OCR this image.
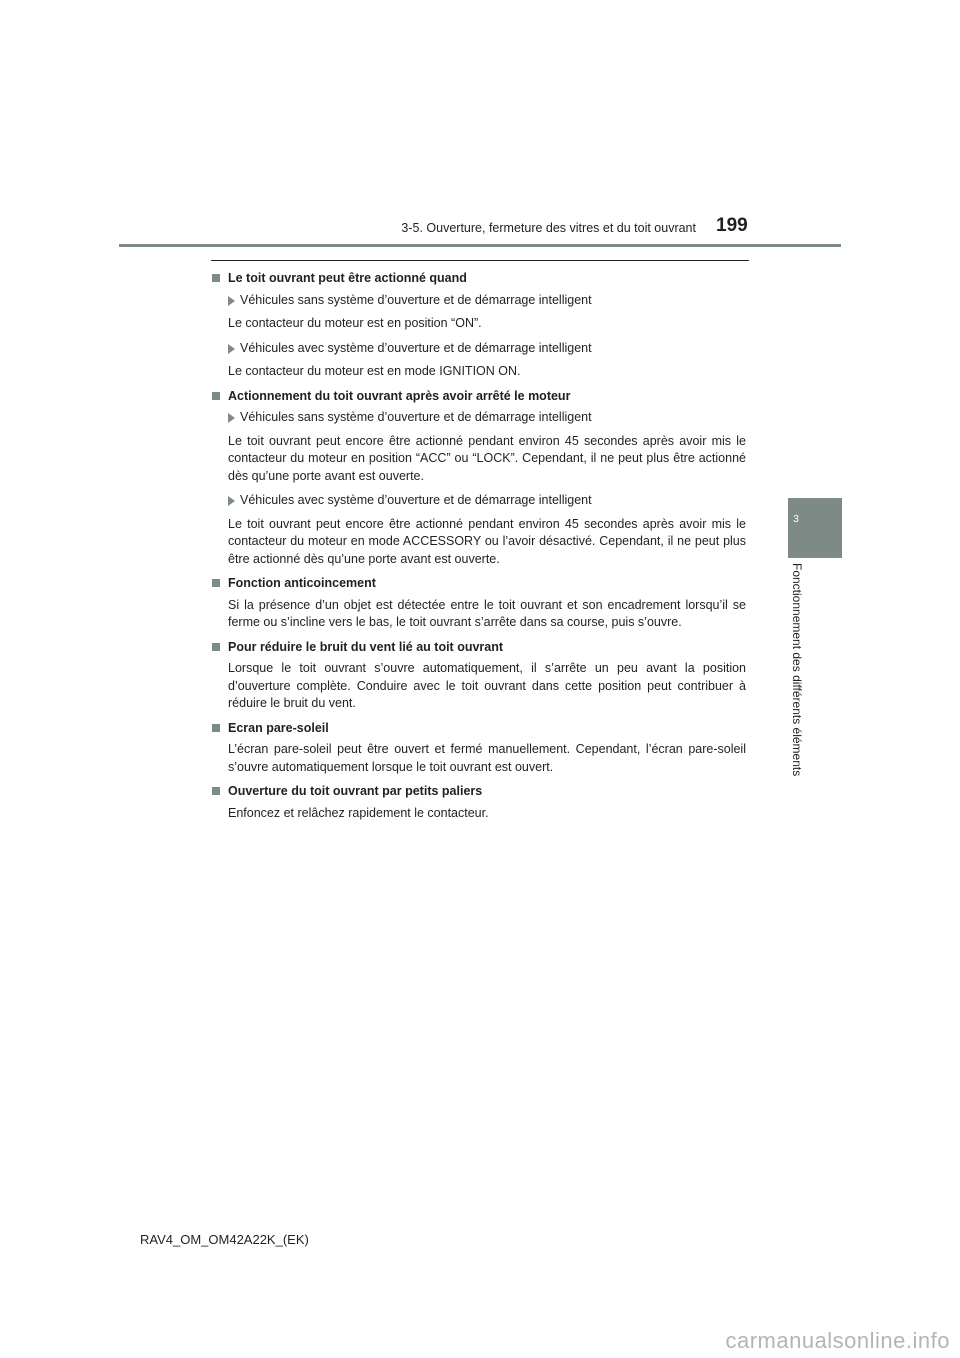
3-5. Ouverture, fermeture des vitres et du toit ouvrant 199
3
Fonctionnement des différents éléments
Le toit ouvrant peut être actionné quand
Véhicules sans système d’ouverture et de démarrage intelligent

Le contacteur du moteur est en position “ON”.

Véhicules avec système d’ouverture et de démarrage intelligent

Le contacteur du moteur est en mode IGNITION ON.

Actionnement du toit ouvrant après avoir arrêté le moteur
Véhicules sans système d’ouverture et de démarrage intelligent

Le toit ouvrant peut encore être actionné pendant environ 45 secondes après avoir mis le contacteur du moteur en position “ACC” ou “LOCK”. Cependant, il ne peut plus être actionné dès qu’une porte avant est ouverte.

Véhicules avec système d’ouverture et de démarrage intelligent

Le toit ouvrant peut encore être actionné pendant environ 45 secondes après avoir mis le contacteur du moteur en mode ACCESSORY ou l’avoir désactivé. Cependant, il ne peut plus être actionné dès qu’une porte avant est ouverte.

Fonction anticoincement

Si la présence d’un objet est détectée entre le toit ouvrant et son encadrement lorsqu’il se ferme ou s’incline vers le bas, le toit ouvrant s’arrête dans sa course, puis s’ouvre.

Pour réduire le bruit du vent lié au toit ouvrant

Lorsque le toit ouvrant s’ouvre automatiquement, il s’arrête un peu avant la position d’ouverture complète. Conduire avec le toit ouvrant dans cette position peut contribuer à réduire le bruit du vent.

Ecran pare-soleil

L’écran pare-soleil peut être ouvert et fermé manuellement. Cependant, l’écran pare-soleil s’ouvre automatiquement lorsque le toit ouvrant est ouvert.

Ouverture du toit ouvrant par petits paliers

Enfoncez et relâchez rapidement le contacteur.

RAV4_OM_OM42A22K_(EK)
carmanualsonline.info
